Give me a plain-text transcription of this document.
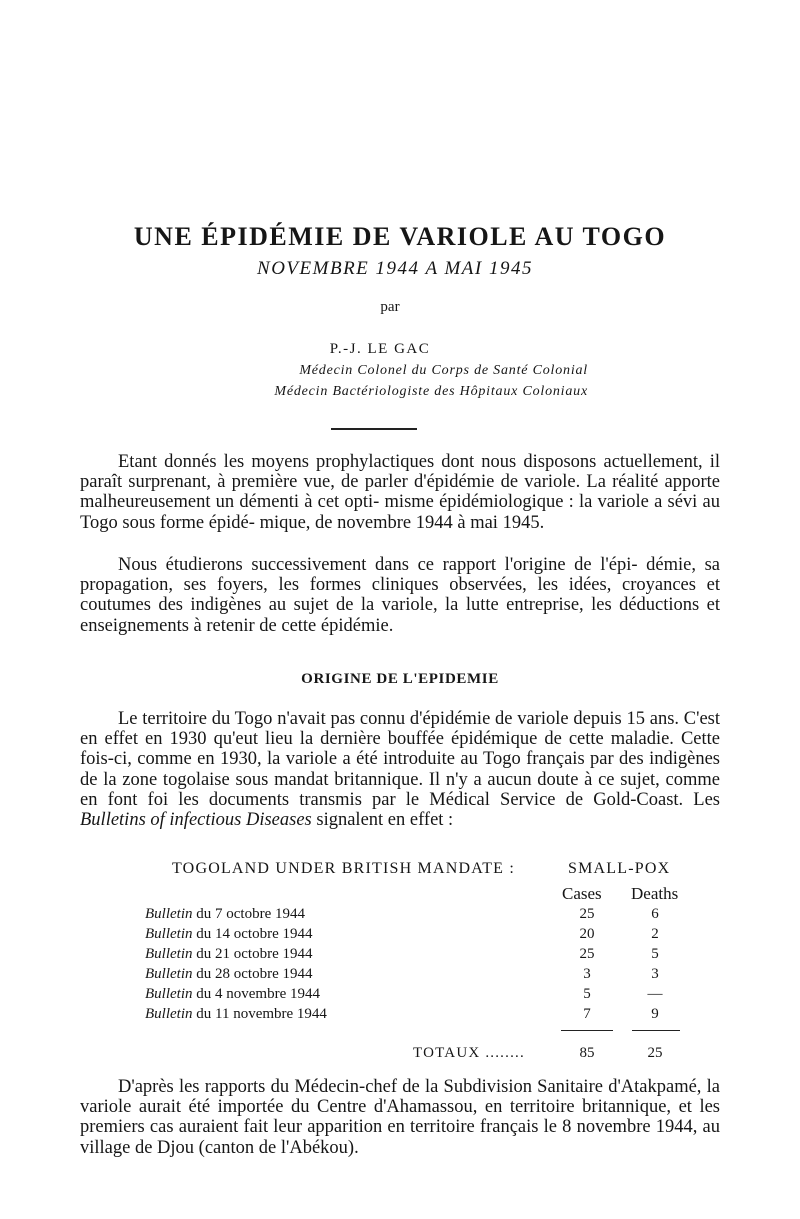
UNE ÉPIDÉMIE DE VARIOLE AU TOGO
NOVEMBRE 1944 A MAI 1945
par
P.-J. LE GAC
Médecin Colonel du Corps de Santé Colonial
Médecin Bactériologiste des Hôpitaux Coloniaux

Etant donnés les moyens prophylactiques dont nous disposons actuellement, il paraît surprenant, à première vue, de parler d'épidémie de variole. La réalité apporte malheureusement un démenti à cet opti- misme épidémiologique : la variole a sévi au Togo sous forme épidé- mique, de novembre 1944 à mai 1945.

Nous étudierons successivement dans ce rapport l'origine de l'épi- démie, sa propagation, ses foyers, les formes cliniques observées, les idées, croyances et coutumes des indigènes au sujet de la variole, la lutte entreprise, les déductions et enseignements à retenir de cette épidémie.

ORIGINE DE L'EPIDEMIE

Le territoire du Togo n'avait pas connu d'épidémie de variole depuis 15 ans. C'est en effet en 1930 qu'eut lieu la dernière bouffée épidémique de cette maladie. Cette fois-ci, comme en 1930, la variole a été introduite au Togo français par des indigènes de la zone togolaise sous mandat britannique. Il n'y a aucun doute à ce sujet, comme en font foi les documents transmis par le Médical Service de Gold-Coast. Les Bulletins of infectious Diseases signalent en effet :

TOGOLAND UNDER BRITISH MANDATE :	SMALL-POX
Cases Deaths
Bulletin du 7 octobre 1944	25	6
Bulletin du 14 octobre 1944	20	2
Bulletin du 21 octobre 1944	25	5
Bulletin du 28 octobre 1944	3	3
Bulletin du 4 novembre 1944	5	—
Bulletin du 11 novembre 1944	7	9
TOTAUX ........	85	25

D'après les rapports du Médecin-chef de la Subdivision Sanitaire d'Atakpamé, la variole aurait été importée du Centre d'Ahamassou, en territoire britannique, et les premiers cas auraient fait leur apparition en territoire français le 8 novembre 1944, au village de Djou (canton de l'Abékou).
